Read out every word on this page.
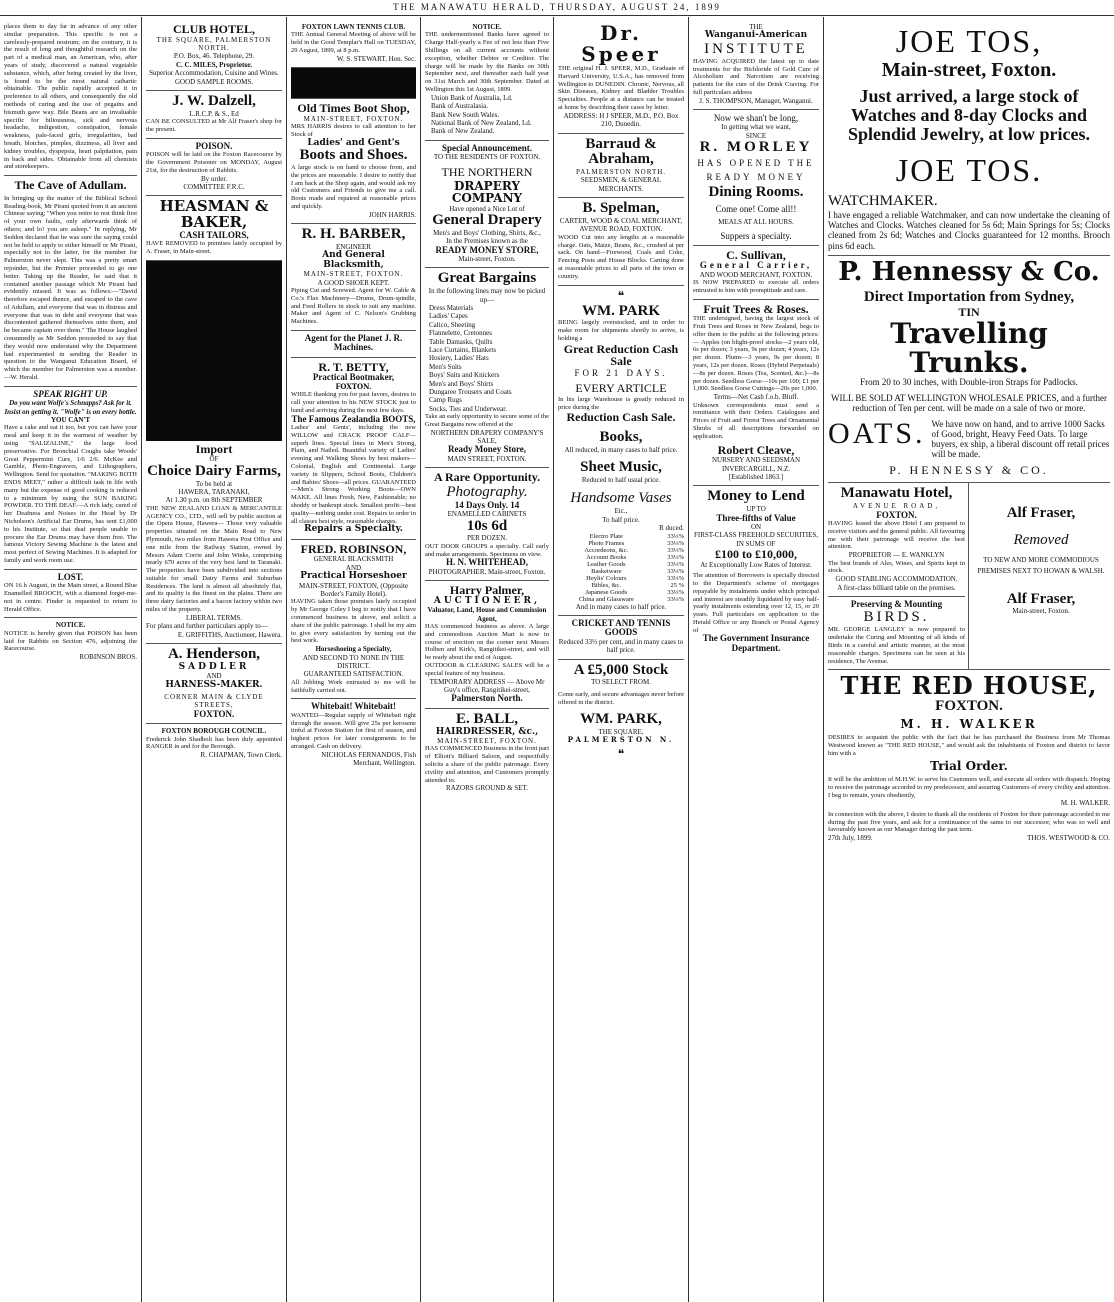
THE MANAWATU HERALD, THURSDAY, AUGUST 24, 1899

places them to day far in advance of any other similar preparation. This specific is not a carelessly-prepared nostrum; on the contrary, it is the result of long and thoughtful research on the part of a medical man, an American, who, after years of study, discovered a natural vegetable substance, which, after being created by the liver, is found to be the most natural cathartic obtainable. The public rapidly accepted it in preference to all others, and consequently the old methods of curing and the use of pegains and bismuth gave way. Bile Beans are an invaluable specific for biliousness, sick and nervous headache, indigestion, constipation, female weakness, pale-faced girls, irregularities, bad breath, blotches, pimples, dizziness, all liver and kidney troubles, dyspepsia, heart palpitation, pain in back and sides. Obtainable from all chemists and storekeepers.

The Cave of Adullam.

In bringing up the matter of the Biblical School Reading-book, Mr Pirani quoted from it an ancient Chinese saying; "When you retire to rest think first of your own faults, only afterwards think of others; and lo! you are asleep." In replying, Mr Seddon declared that he was sure the saying could not be held to apply to either himself or Mr Pirani, especially not to the latter, for the member for Palmerston never slept. This was a pretty smart rejoinder, but the Premier proceeded to go one better. Taking up the Reader, he said that it contained another passage which Mr Pirani had evidently missed. It was as follows:—"David therefore escaped thence, and escaped to the cave of Adullam, and everyone that was in distress and everyone that was in debt and everyone that was discontented gathered themselves unto them, and he became captain over them." The House laughed consumedly as Mr Seddon proceeded to say that they would now understand why the Department had experimented in sending the Reader in question to the Wanganui Education Board, of which the member for Palmerston was a member.—W. Herald.

SPEAK RIGHT UP.
Do you want Wolfe's Schnapps? Ask for it. Insist on getting it. "Wolfe" is on every bottle.
YOU CAN'T

Have a cake and eat it too, but you can have your meal and keep it in the warmest of weather by using "SALIZALINE," the large food preservative. For Bronchial Coughs take Woods' Great Peppermint Cure, 1/6 2/6. McKee and Gamble, Photo-Engravers, and Lithographers, Wellington. Send for quotation. "MAKING BOTH ENDS MEET," rather a difficult task in life with many but the expense of good cooking is reduced to a minimum by using the SUN BAKING POWDER. TO THE DEAF.—A rich lady, cured of her Deafness and Noises in the Head by Dr Nicholson's Artificial Ear Drums, has sent £1,000 to his Institute, so that deaf people unable to procure the Ear Drums may have them free. The famous Victory Sewing Machine is the latest and most perfect of Sewing Machines. It is adapted for family and work room use.

LOST.

ON 16 h August, in the Main street, a Round Blue Enamelled BROOCH, with a diamond forget-me-not in centre. Finder is requested to return to Herald Office.

NOTICE.

NOTICE is hereby given that POISON has been laid for Rabbits on Section 476, adjoining the Racecourse.

ROBINSON BROS.
CLUB HOTEL,
THE SQUARE, PALMERSTON NORTH.
P.O. Box, 46. Telephone, 29.
C. C. MILES, Proprietor.
Superior Accommodation, Cuisine and Wines.
GOOD SAMPLE ROOMS.
J. W. Dalzell,
L.R.C.P. & S., Ed

CAN BE CONSULTED at Mr Alf Fraser's shop for the present.

POISON.

POISON will be laid on the Foxton Racecourse by the Government Poisoner on MONDAY, August 21st, for the destruction of Rabbits.

By order.
COMMITTEE F.R.C.
HEASMAN & BAKER,
CASH TAILORS,

HAVE REMOVED to premises lately occupied by A. Fraser, in Main-street.

Import
OF
Choice Dairy Farms,
To be held at
HAWERA, TARANAKI,
At 1.30 p.m. on 8th SEPTEMBER

THE NEW ZEALAND LOAN & MERCANTILE AGENCY CO., LTD., will sell by public auction at the Opera House, Hawera— Those very valuable properties situated on the Main Road to New Plymouth, two miles from Hawera Post Office and one mile from the Railway Station, owned by Messrs Adam Corrie and John Winks, comprising nearly 670 acres of the very best land in Taranaki. The properties have been subdivided into sections suitable for small Dairy Farms and Suburban Residences. The land is almost all absolutely flat, and its quality is the finest on the plains. There are three dairy factories and a bacon factory within two miles of the property.

LIBERAL TERMS.
For plans and further particulars apply to—
E. GRIFFITHS, Auctioneer, Hawera.
A. Henderson,
SADDLER
AND
HARNESS-MAKER.
CORNER MAIN & CLYDE STREETS,
FOXTON.
FOXTON BOROUGH COUNCIL.

Frederick John Shadbolt has been duly appointed RANGER in and for the Borough.

R. CHAPMAN, Town Clerk.
FOXTON LAWN TENNIS CLUB.

THE Annual General Meeting of above will be held in the Good Templar's Hall on TUESDAY, 29 August, 1899, at 8 p.m.

W. S. STEWART, Hon. Sec.
Old Times Boot Shop,
MAIN-STREET, FOXTON.

MRS HARRIS desires to call attention to her Stock of

Ladies' and Gent's
Boots and Shoes.

A large stock is on hand to choose from, and the prices are reasonable. I desire to notify that I am back at the Shop again, and would ask my old Customers and Friends to give me a call. Boots made and repaired at reasonable prices and quickly.

JOHN HARRIS.
R. H. BARBER,
ENGINEER
And General Blacksmith,
MAIN-STREET, FOXTON.
A GOOD SHOER KEPT.

Piping Cut and Screwed. Agent for W. Cable & Co.'s Flax Machinery—Drums, Drum-spindle, and Feed Rollers in stock to suit any machine. Maker and Agent of C. Nelson's Grubbing Machines.

Agent for the Planet J. R. Machines.
R. T. BETTY,
Practical Bootmaker,
FOXTON.

WHILE thanking you for past favors, desires to call your attention to his NEW STOCK just to hand and arriving during the next few days.

The Famous Zealandia BOOTS,

Ladies' and Gents', including the new WILLOW and CRACK PROOF CALF—superb lines. Special lines in Men's Strong, Plain, and Nailed. Beautiful variety of Ladies' evening and Walking Shoes by best makers—Colonial, English and Continental. Large variety in Slippers, School Boots, Children's and Babies' Shoes—all prices. GUARANTEED—Men's Strong Working Boots—OWN MAKE. All lines Fresh, New, Fashionable; no shoddy or bankrupt stock. Smallest profit—best quality—nothing under cost. Repairs to order in all classes best style, reasonable charges.

Repairs a Specialty.
FRED. ROBINSON,
GENERAL BLACKSMITH
AND
Practical Horseshoer
MAIN-STREET, FOXTON, (Opposite Border's Family Hotel).

HAVING taken those premises lately occupied by Mr George Coley I beg to notify that I have commenced business in above, and solicit a share of the public patronage. I shall be my aim to give every satisfaction by turning out the best work.

Horseshoeing a Specialty,
AND SECOND TO NONE IN THE DISTRICT.
GUARANTEED SATISFACTION.

All Jobbing Work entrusted to me will be faithfully carried out.

Whitebait! Whitebait!

WANTED—Regular supply of Whitebait right through the season. Will give 25s per kerosene tinful at Foxton Station for first of season, and highest prices for later consignments to be arranged. Cash on delivery.

NICHOLAS FERNANDOS, Fish Merchant, Wellington.
NOTICE.

THE undermentioned Banks have agreed to Charge Half-yearly a Fee of not less than Five Shillings on all current accounts without exception, whether Debtor or Creditor. The charge will be made by the Banks on 30th September next, and thereafter each half year on 31st March and 30th September. Dated at Wellington this 1st August, 1899.

Union Bank of Australia, Ld.
Bank of Australasia.
Bank New South Wales.
National Bank of New Zealand, Ld.
Bank of New Zealand.
Special Announcement.
TO THE RESIDENTS OF FOXTON.
THE NORTHERN
DRAPERY COMPANY
Have opened a Nice Lot of
General Drapery
Men's and Boys' Clothing, Shirts, &c.,
In the Premises known as the
READY MONEY STORE,
Main-street, Foxton.
Great Bargains
In the following lines may now be picked up—
Dress Materials
Ladies' Capes
Calico, Sheeting
Flannelette, Cretonnes
Table Damasks, Quilts
Lace Curtains, Blankets
Hosiery, Ladies' Hats
Men's Suits
Boys' Suits and Knickers
Men's and Boys' Shirts
Dungaree Trousers and Coats
Camp Rugs
Socks, Ties and Underwear.

Take an early opportunity to secure some of the Great Bargains now offered at the

NORTHERN DRAPERY COMPANY'S SALE,
Ready Money Store,
MAIN STREET, FOXTON.
A Rare Opportunity.
Photography.
14 Days Only. 14
ENAMELLED CABINETS
10s 6d
PER DOZEN.

OUT DOOR GROUPS a specialty. Call early and make arrangements. Specimens on view.

H. N. WHITEHEAD,
PHOTOGRAPHER, Main-street, Foxton.
Harry Palmer,
AUCTIONEER,
Valuator, Land, House and Commission Agent,

HAS commenced business as above. A large and commodious Auction Mart is now in course of erection on the corner next Messrs Holben and Kirk's, Rangitikei-street, and will be ready about the end of August.

OUTDOOR & CLEARING SALES will be a special feature of my business.

TEMPORARY ADDRESS — Above Mr Guy's office, Rangitikei-street,
Palmerston North.
E. BALL,
HAIRDRESSER, &c.,
MAIN-STREET, FOXTON.

HAS COMMENCED Business in the front part of Elliott's Billiard Saloon, and respectfully solicits a share of the public patronage. Every civility and attention, and Customers promptly attended to.

RAZORS GROUND & SET.
Dr. Speer

THE original H. J. SPEER, M.D., Graduate of Harvard University, U.S.A., has removed from Wellington to DUNEDIN. Chronic, Nervous, all Skin Diseases, Kidney and Bladder Troubles Specialties. People at a distance can be treated at home by describing their cases by letter.

ADDRESS: H J SPEER, M.D., P.O. Box 210, Dunedin.
Barraud & Abraham,
PALMERSTON NORTH.
SEEDSMEN, & GENERAL MERCHANTS.
B. Spelman,
CARTER, WOOD & COAL MERCHANT,
AVENUE ROAD, FOXTON.

WOOD Cut into any lengths at a reasonable charge. Oats, Maize, Beans, &c., crushed at per sack. On hand—Firewood, Coals and Coke, Fencing Posts and House Blocks. Carting done at reasonable prices to all parts of the town or country.

❝
WM. PARK

BEING largely overstocked, and in order to make room for shipments shortly to arrive, is holding a

Great Reduction Cash Sale
FOR 21 DAYS.
EVERY ARTICLE

In his large Warehouse is greatly reduced in price during the

Reduction Cash Sale.
Books,
All reduced, in many cases to half price.
Sheet Music,
Reduced to half usual price.
Handsome Vases
Etc.,
To half price.
R duced.
Electro Plate	33⅓%
Photo Frames	33⅓%
Accordeons, &c.	33⅓%
Account Books	33⅓%
Leather Goods	33⅓%
Basketware	33⅓%
Heylis' Colours	33⅓%
Bibles, &c.	25 %
Japanese Goods	33⅓%
China and Glassware	33⅓%
And in many cases to half price.
CRICKET AND TENNIS GOODS
Reduced 33⅓ per cent, and in many cases to half price.
A £5,000 Stock
TO SELECT FROM.

Come early, and secure advantages never before offered in the district.

WM. PARK,
THE SQUARE,
PALMERSTON N.
❝
THE
Wanganui-American
INSTITUTE

HAVING ACQUIRED the latest up to date treatments for the Bichloride of Gold Cure of Alcoholism and Narcotism are receiving patients for the cure of the Drink Craving. For full particulars address

J. S. THOMPSON, Manager, Wanganui.
Now we shan't be long,
In getting what we want,
SINCE
R. MORLEY
HAS OPENED THE READY MONEY
Dining Rooms.
Come one! Come all!!
MEALS AT ALL HOURS.
Suppers a specialty.
C. Sullivan,
General Carrier,
AND WOOD MERCHANT, FOXTON.

IS NOW PREPARED to execute all orders entrusted to him with promptitude and care.

Fruit Trees & Roses.

THE undersigned, having the largest stock of Fruit Trees and Roses in New Zealand, begs to offer them to the public at the following prices:— Apples (on blight-proof stocks—2 years old, 6s per dozen; 3 years, 9s per dozen; 4 years, 12s per dozen. Plums—3 years, 9s per dozen; 8 years, 12s per dozen. Roses (Hybrid Perpetuals)—8s per dozen. Roses (Tea, Scented, &c.)—8s per dozen. Seedless Gorse—10s per 100; £1 per 1,000. Seedless Gorse Cuttings—20s per 1,000.

Terms—Net Cash f.o.b. Bluff.

Unknown correspondents must send a remittance with their Orders. Catalogues and Prices of Fruit and Forest Trees and Ornamental Shrubs of all descriptions forwarded on application.

Robert Cleave,
NURSERY AND SEEDSMAN
INVERCARGILL, N.Z.
[Established 1863.]
Money to Lend
UP TO
Three-fifths of Value
ON
FIRST-CLASS FREEHOLD SECURITIES,
IN SUMS OF
£100 to £10,000,
At Exceptionally Low Rates of Interest.

The attention of Borrowers is specially directed to the Department's scheme of mortgages repayable by instalments under which principal and interest are steadily liquidated by easy half-yearly instalments extending over 12, 15, or 20 years. Full particulars on application to the Herald Office or any Branch or Postal Agency of

The Government Insurance Department.
JOE TOS,
Main-street, Foxton.
Just arrived, a large stock of Watches and 8-day Clocks and Splendid Jewelry, at low prices.
JOE TOS.
WATCHMAKER.

I have engaged a reliable Watchmaker, and can now undertake the cleaning of Watches and Clocks. Watches cleaned for 5s 6d; Main Springs for 5s; Clocks cleaned from 2s 6d; Watches and Clocks guaranteed for 12 months. Brooch pins 6d each.

P. Hennessy & Co.
Direct Importation from Sydney,
TIN
Travelling Trunks.
From 20 to 30 inches, with Double-iron Straps for Padlocks.

WILL BE SOLD AT WELLINGTON WHOLESALE PRICES, and a further reduction of Ten per cent. will be made on a sale of two or more.

OATS. We have now on hand, and to arrive 1000 Sacks of Good, bright, Heavy Feed Oats. To large buyers, ex ship, a liberal discount off retail prices will be made.

P. HENNESSY & CO.
Manawatu Hotel,
AVENUE ROAD,
FOXTON.

HAVING leased the above Hotel I am prepared to receive visitors and the general public. All favouring me with their patronage will receive the best attention.

PROPRIETOR — E. WANKLYN

The best brands of Ales, Wines, and Spirits kept in stock.

GOOD STABLING ACCOMMODATION.
A first-class billiard table on the premises.
Preserving & Mounting
BIRDS.

MR. GEORGE LANGLEY is now prepared to undertake the Curing and Mounting of all kinds of Birds in a careful and artistic manner, at the most reasonable charges. Specimens can be seen at his residence, The Avenue.

Alf Fraser,
Removed

TO NEW AND MORE COMMODIOUS PREMISES NEXT TO HOWAN & WALSH.

Alf Fraser,
Main-street, Foxton.
THE RED HOUSE,
FOXTON.
M. H. WALKER

DESIRES to acquaint the public with the fact that he has purchased the Business from Mr Thomas Westwood known as "THE RED HOUSE," and would ask the inhabitants of Foxton and district to favor him with a

Trial Order.

It will be the ambition of M.H.W. to serve his Customers well, and execute all orders with dispatch. Hoping to receive the patronage accorded to my predecessor, and assuring Customers of every civility and attention. I beg to remain, yours obediently,

M. H. WALKER.

In connection with the above, I desire to thank all the residents of Foxton for their patronage accorded to me during the past five years, and ask for a continuance of the same to our successor, who was so well and favourably known as our Manager during the past term.

27th July, 1899.	THOS. WESTWOOD & CO.
